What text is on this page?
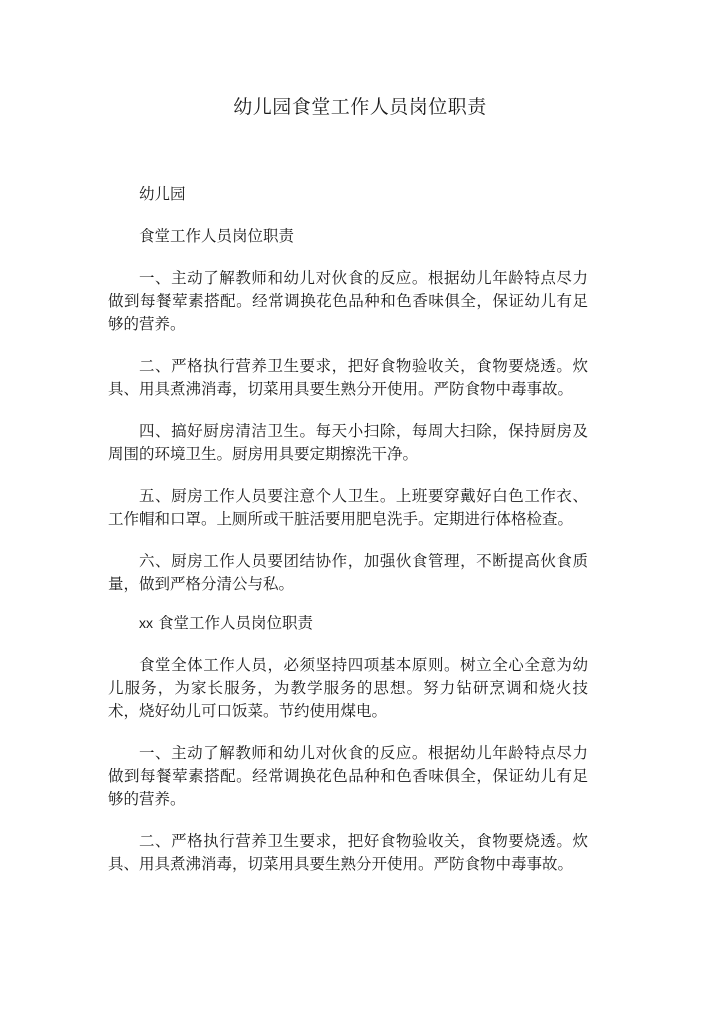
幼儿园食堂工作人员岗位职责

幼儿园

食堂工作人员岗位职责

一、主动了解教师和幼儿对伙食的反应。根据幼儿年龄特点尽力做到每餐荤素搭配。经常调换花色品种和色香味俱全，保证幼儿有足够的营养。

二、严格执行营养卫生要求，把好食物验收关，食物要烧透。炊具、用具煮沸消毒，切菜用具要生熟分开使用。严防食物中毒事故。

四、搞好厨房清洁卫生。每天小扫除，每周大扫除，保持厨房及周围的环境卫生。厨房用具要定期擦洗干净。

五、厨房工作人员要注意个人卫生。上班要穿戴好白色工作衣、工作帽和口罩。上厕所或干脏活要用肥皂洗手。定期进行体格检查。

六、厨房工作人员要团结协作，加强伙食管理，不断提高伙食质量，做到严格分清公与私。

xx 食堂工作人员岗位职责

食堂全体工作人员，必须坚持四项基本原则。树立全心全意为幼儿服务，为家长服务，为教学服务的思想。努力钻研烹调和烧火技术，烧好幼儿可口饭菜。节约使用煤电。

一、主动了解教师和幼儿对伙食的反应。根据幼儿年龄特点尽力做到每餐荤素搭配。经常调换花色品种和色香味俱全，保证幼儿有足够的营养。

二、严格执行营养卫生要求，把好食物验收关，食物要烧透。炊具、用具煮沸消毒，切菜用具要生熟分开使用。严防食物中毒事故。
